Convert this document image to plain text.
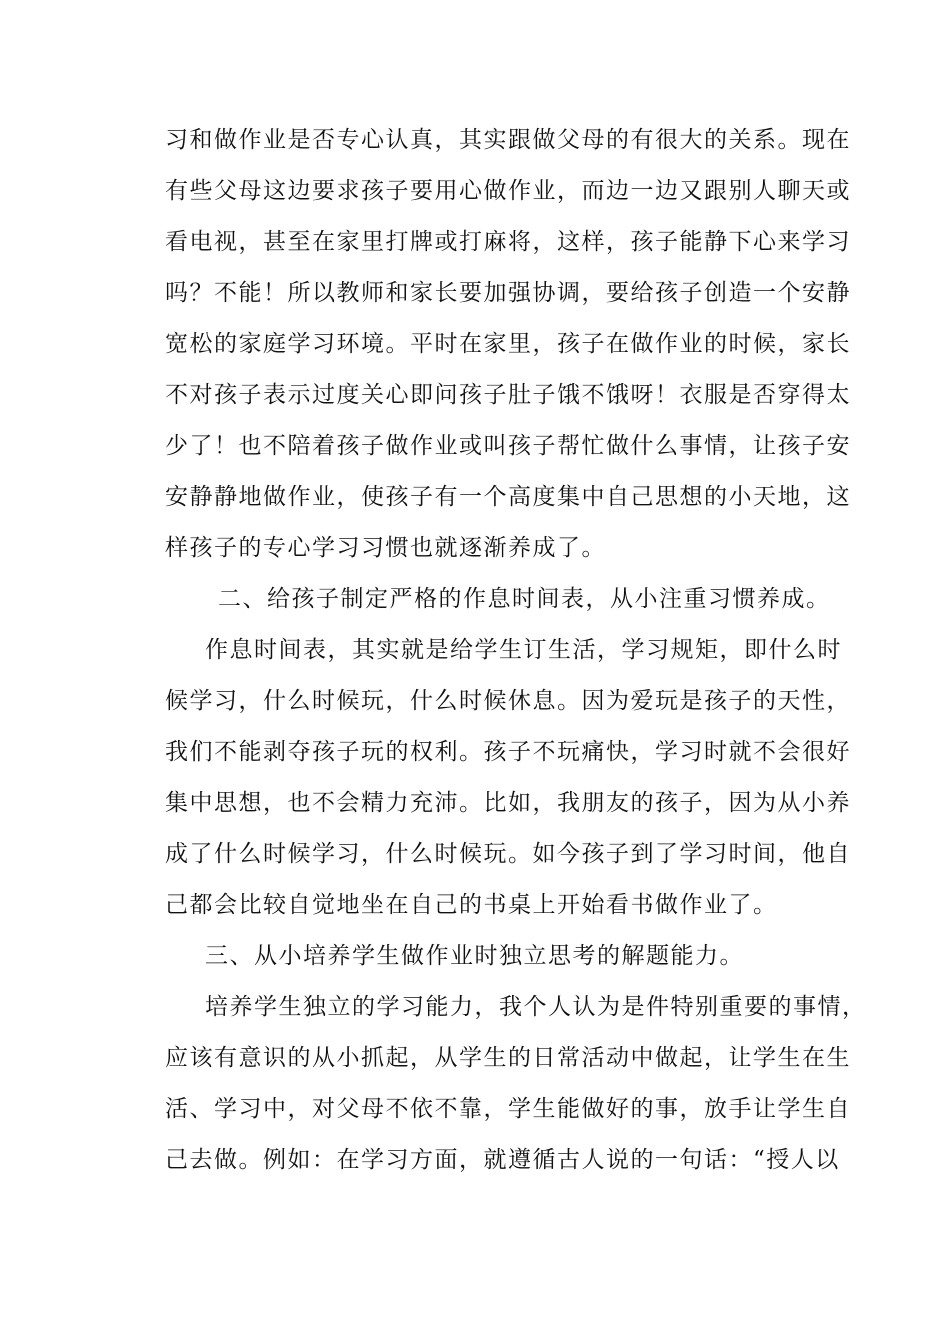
习和做作业是否专心认真，其实跟做父母的有很大的关系。现在
有些父母这边要求孩子要用心做作业，而边一边又跟别人聊天或
看电视，甚至在家里打牌或打麻将，这样，孩子能静下心来学习
吗？不能！所以教师和家长要加强协调，要给孩子创造一个安静
宽松的家庭学习环境。平时在家里，孩子在做作业的时候，家长
不对孩子表示过度关心即问孩子肚子饿不饿呀！衣服是否穿得太
少了！也不陪着孩子做作业或叫孩子帮忙做什么事情，让孩子安
安静静地做作业，使孩子有一个高度集中自己思想的小天地，这
样孩子的专心学习习惯也就逐渐养成了。
二、给孩子制定严格的作息时间表，从小注重习惯养成。
作息时间表，其实就是给学生订生活，学习规矩，即什么时
候学习，什么时候玩，什么时候休息。因为爱玩是孩子的天性，
我们不能剥夺孩子玩的权利。孩子不玩痛快，学习时就不会很好
集中思想，也不会精力充沛。比如，我朋友的孩子，因为从小养
成了什么时候学习，什么时候玩。如今孩子到了学习时间，他自
己都会比较自觉地坐在自己的书桌上开始看书做作业了。
三、从小培养学生做作业时独立思考的解题能力。
培养学生独立的学习能力，我个人认为是件特别重要的事情，
应该有意识的从小抓起，从学生的日常活动中做起，让学生在生
活、学习中，对父母不依不靠，学生能做好的事，放手让学生自
己去做。例如：在学习方面，就遵循古人说的一句话：“授人以
